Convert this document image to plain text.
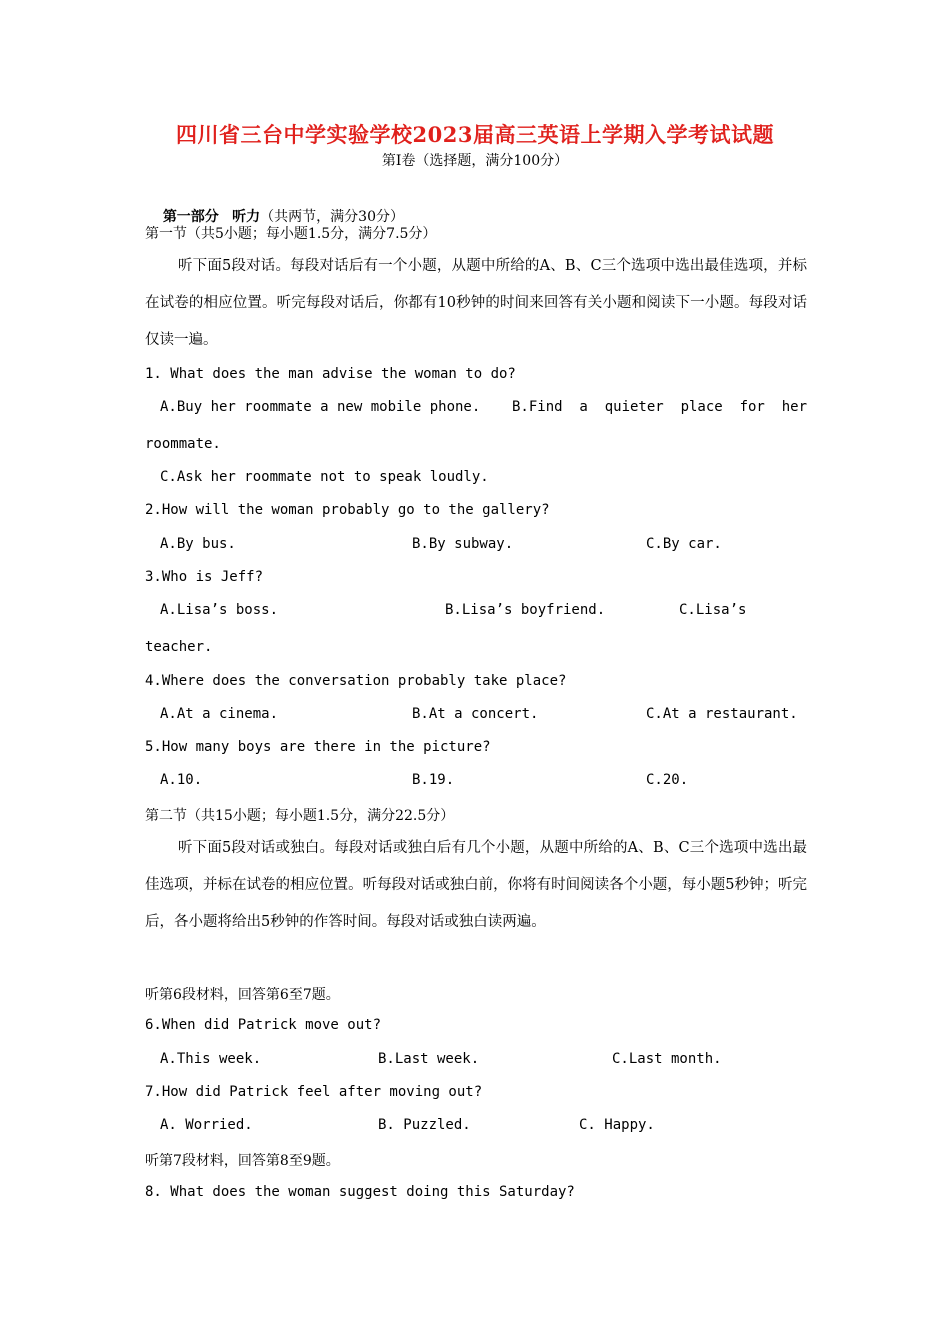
四川省三台中学实验学校2023届高三英语上学期入学考试试题
第Ⅰ卷（选择题，满分100分）

第一部分 听力（共两节，满分30分）

第一节（共5小题；每小题1.5分，满分7.5分）
听下面5段对话。每段对话后有一个小题，从题中所给的A、B、C三个选项中选出最佳选项，并标在试卷的相应位置。听完每段对话后，你都有10秒钟的时间来回答有关小题和阅读下一小题。每段对话仅读一遍。
1. What does the man advise the woman to do?
A.Buy her roommate a new mobile phone. B.Find  a  quieter  place  for  her
roommate.
C.Ask her roommate not to speak loudly.
2.How will the woman probably go to the gallery?
A.By bus.	B.By subway.	C.By car.
3.Who is Jeff?
A.Lisa’s boss.	B.Lisa’s boyfriend.	C.Lisa’s
teacher.
4.Where does the conversation probably take place?
A.At a cinema.	B.At a concert.	C.At a restaurant.
5.How many boys are there in the picture?
A.10.	B.19.	C.20.
第二节（共15小题；每小题1.5分，满分22.5分）
听下面5段对话或独白。每段对话或独白后有几个小题，从题中所给的A、B、C三个选项中选出最佳选项，并标在试卷的相应位置。听每段对话或独白前，你将有时间阅读各个小题，每小题5秒钟；听完后，各小题将给出5秒钟的作答时间。每段对话或独白读两遍。
听第6段材料，回答第6至7题。
6.When did Patrick move out?
A.This week.	B.Last week.	C.Last month.
7.How did Patrick feel after moving out?
A. Worried.	B. Puzzled.	C. Happy.
听第7段材料，回答第8至9题。
8. What does the woman suggest doing this Saturday?
